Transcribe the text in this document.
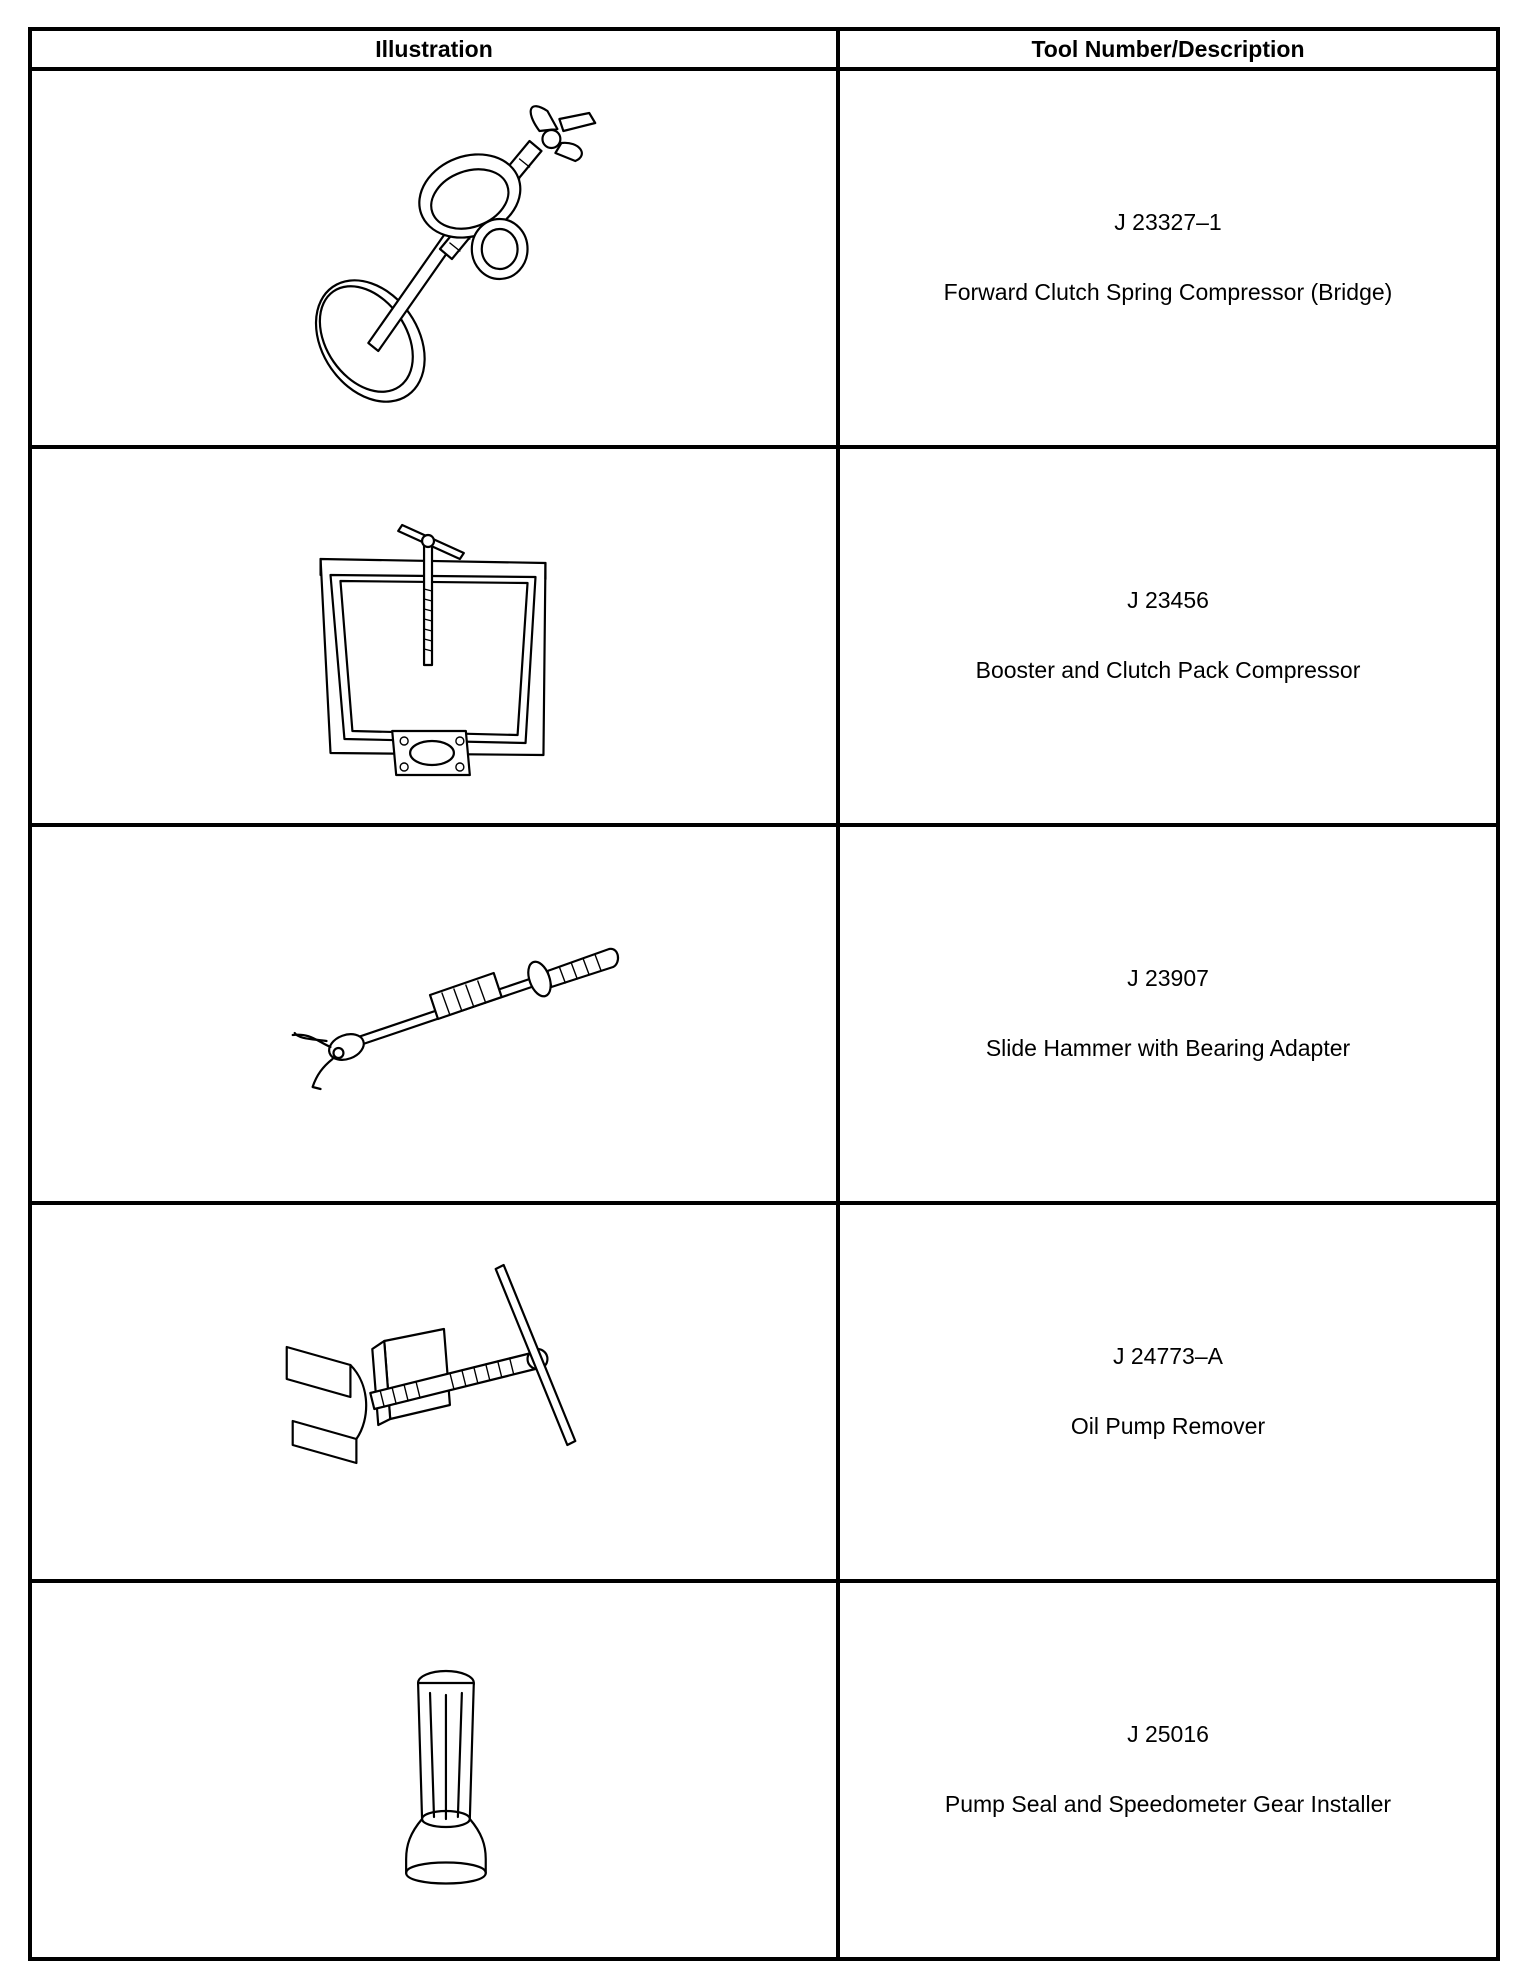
Illustration	Tool Number/Description

J 23327–1
Forward Clutch Spring Compressor (Bridge)

J 23456
Booster and Clutch Pack Compressor

J 23907
Slide Hammer with Bearing Adapter

J 24773–A
Oil Pump Remover

J 25016
Pump Seal and Speedometer Gear Installer
